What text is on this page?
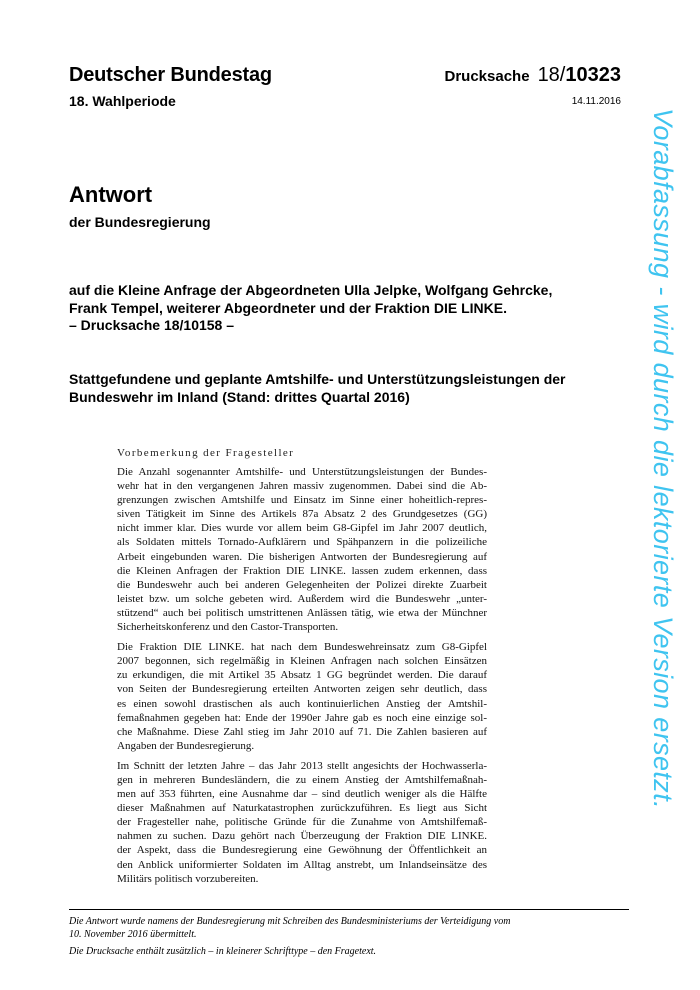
Deutscher Bundestag	Drucksache 18/10323
18. Wahlperiode	14.11.2016
Antwort
der Bundesregierung
auf die Kleine Anfrage der Abgeordneten Ulla Jelpke, Wolfgang Gehrcke,
Frank Tempel, weiterer Abgeordneter und der Fraktion DIE LINKE.
– Drucksache 18/10158 –
Stattgefundene und geplante Amtshilfe- und Unterstützungsleistungen der
Bundeswehr im Inland (Stand: drittes Quartal 2016)
Vorbemerkung der Fragesteller
Die Anzahl sogenannter Amtshilfe- und Unterstützungsleistungen der Bundes-
wehr hat in den vergangenen Jahren massiv zugenommen. Dabei sind die Ab-
grenzungen zwischen Amtshilfe und Einsatz im Sinne einer hoheitlich-repres-
siven Tätigkeit im Sinne des Artikels 87a Absatz 2 des Grundgesetzes (GG)
nicht immer klar. Dies wurde vor allem beim G8-Gipfel im Jahr 2007 deutlich,
als Soldaten mittels Tornado-Aufklärern und Spähpanzern in die polizeiliche
Arbeit eingebunden waren. Die bisherigen Antworten der Bundesregierung auf
die Kleinen Anfragen der Fraktion DIE LINKE. lassen zudem erkennen, dass
die Bundeswehr auch bei anderen Gelegenheiten der Polizei direkte Zuarbeit
leistet bzw. um solche gebeten wird. Außerdem wird die Bundeswehr „unter-
stützend“ auch bei politisch umstrittenen Anlässen tätig, wie etwa der Münchner
Sicherheitskonferenz und den Castor-Transporten.
Die Fraktion DIE LINKE. hat nach dem Bundeswehreinsatz zum G8-Gipfel
2007 begonnen, sich regelmäßig in Kleinen Anfragen nach solchen Einsätzen
zu erkundigen, die mit Artikel 35 Absatz 1 GG begründet werden. Die darauf
von Seiten der Bundesregierung erteilten Antworten zeigen sehr deutlich, dass
es einen sowohl drastischen als auch kontinuierlichen Anstieg der Amtshil-
femaßnahmen gegeben hat: Ende der 1990er Jahre gab es noch eine einzige sol-
che Maßnahme. Diese Zahl stieg im Jahr 2010 auf 71. Die Zahlen basieren auf
Angaben der Bundesregierung.
Im Schnitt der letzten Jahre – das Jahr 2013 stellt angesichts der Hochwasserla-
gen in mehreren Bundesländern, die zu einem Anstieg der Amtshilfemaßnah-
men auf 353 führten, eine Ausnahme dar – sind deutlich weniger als die Hälfte
dieser Maßnahmen auf Naturkatastrophen zurückzuführen. Es liegt aus Sicht
der Fragesteller nahe, politische Gründe für die Zunahme von Amtshilfemaß-
nahmen zu suchen. Dazu gehört nach Überzeugung der Fraktion DIE LINKE.
der Aspekt, dass die Bundesregierung eine Gewöhnung der Öffentlichkeit an
den Anblick uniformierter Soldaten im Alltag anstrebt, um Inlandseinsätze des
Militärs politisch vorzubereiten.
Die Antwort wurde namens der Bundesregierung mit Schreiben des Bundesministeriums der Verteidigung vom
10. November 2016 übermittelt.
Die Drucksache enthält zusätzlich – in kleinerer Schrifttype – den Fragetext.
Vorabfassung - wird durch die lektorierte Version ersetzt.
